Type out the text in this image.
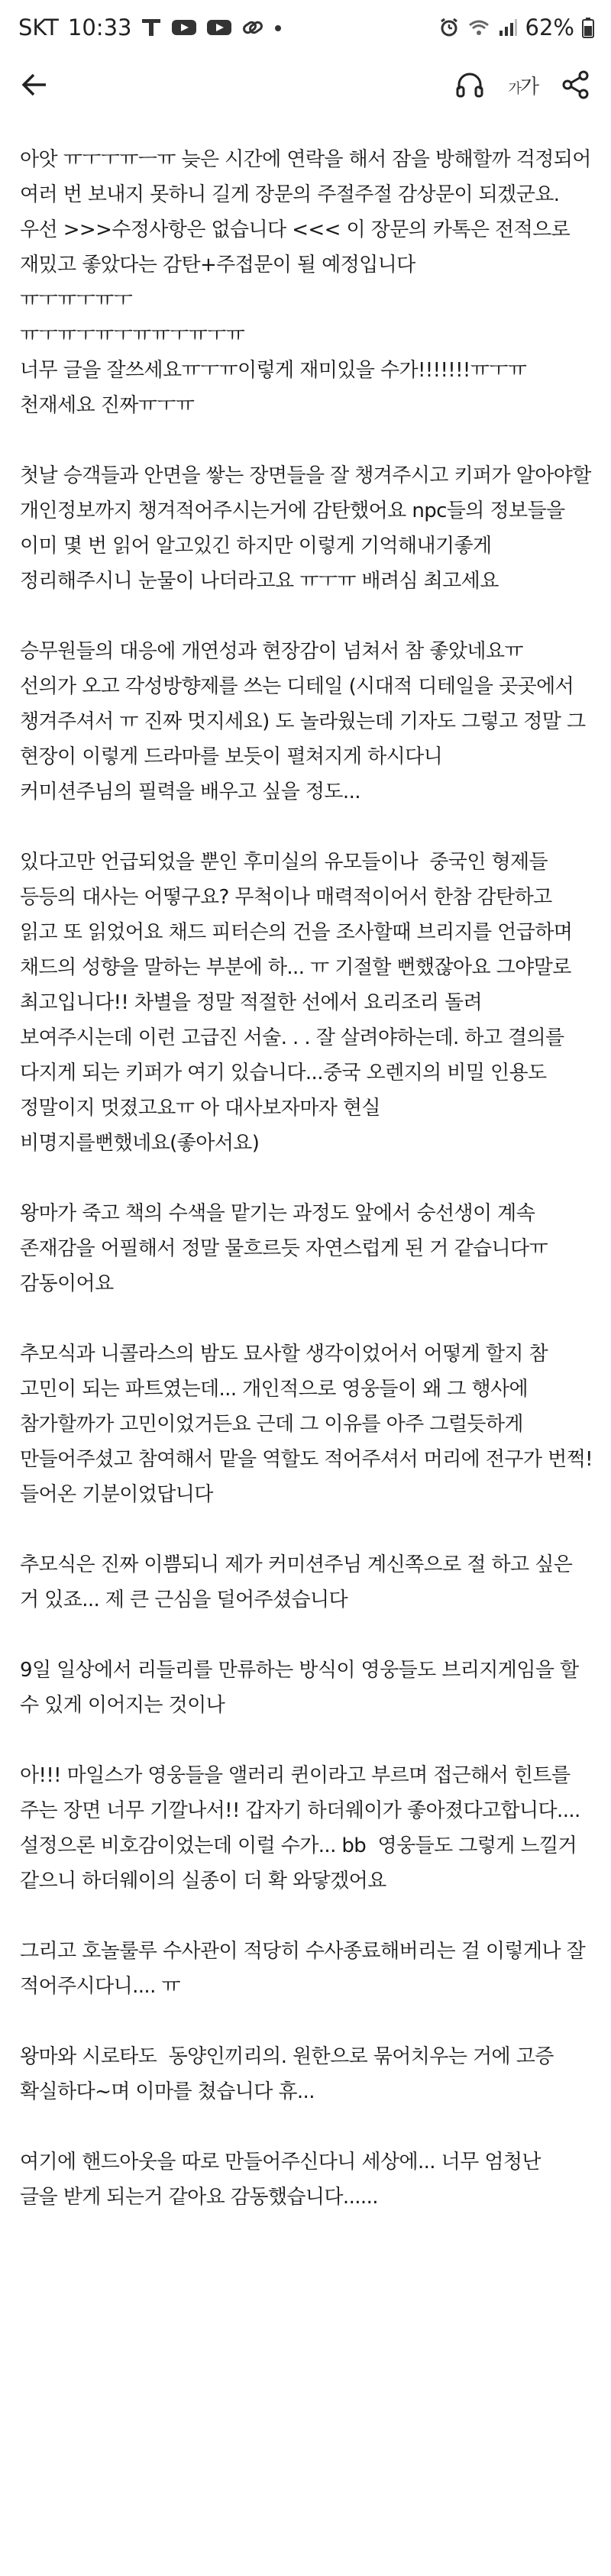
SKT 10:33	62%
가가

아앗 ㅠㅜㅜㅠㅡㅠ 늦은 시간에 연락을 해서 잠을 방해할까 걱정되어 여러 번 보내지 못하니 길게 장문의 주절주절 감상문이 되겠군요. 우선 >>>수정사항은 없습니다 <<< 이 장문의 카톡은 전적으로 재밌고 좋았다는 감탄+주접문이 될 예정입니다
ㅠㅜㅠㅜㅠㅜ
ㅠㅜㅠㅜㅠㅜㅠㅠㅜㅠㅜㅠ
너무 글을 잘쓰세요ㅠㅜㅠ이렇게 재미있을 수가!!!!!!!ㅠㅜㅠ
천재세요 진짜ㅠㅜㅠ

첫날 승객들과 안면을 쌓는 장면들을 잘 챙겨주시고 키퍼가 알아야할 개인정보까지 챙겨적어주시는거에 감탄했어요 npc들의 정보들을 이미 몇 번 읽어 알고있긴 하지만 이렇게 기억해내기좋게 정리해주시니 눈물이 나더라고요 ㅠㅜㅠ 배려심 최고세요

승무원들의 대응에 개연성과 현장감이 넘쳐서 참 좋았네요ㅠ
선의가 오고 각성방향제를 쓰는 디테일 (시대적 디테일을 곳곳에서 챙겨주셔서 ㅠ 진짜 멋지세요) 도 놀라웠는데 기자도 그렇고 정말 그 현장이 이렇게 드라마를 보듯이 펼쳐지게 하시다니
커미션주님의 필력을 배우고 싶을 정도...

있다고만 언급되었을 뿐인 후미실의 유모들이나  중국인 형제들 등등의 대사는 어떻구요? 무척이나 매력적이어서 한참 감탄하고 읽고 또 읽었어요 채드 피터슨의 건을 조사할때 브리지를 언급하며 채드의 성향을 말하는 부분에 하... ㅠ 기절할 뻔했잖아요 그야말로 최고입니다!! 차별을 정말 적절한 선에서 요리조리 돌려
보여주시는데 이런 고급진 서술. . . 잘 살려야하는데. 하고 결의를 다지게 되는 키퍼가 여기 있습니다...중국 오렌지의 비밀 인용도 정말이지 멋졌고요ㅠ 아 대사보자마자 현실
비명지를뻔했네요(좋아서요)

왕마가 죽고 책의 수색을 맡기는 과정도 앞에서 숭선생이 계속 존재감을 어필해서 정말 물흐르듯 자연스럽게 된 거 같습니다ㅠ
감동이어요

추모식과 니콜라스의 밤도 묘사할 생각이었어서 어떻게 할지 참 고민이 되는 파트였는데... 개인적으로 영웅들이 왜 그 행사에
참가할까가 고민이었거든요 근데 그 이유를 아주 그럴듯하게
만들어주셨고 참여해서 맡을 역할도 적어주셔서 머리에 전구가 번쩍! 들어온 기분이었답니다

추모식은 진짜 이쁨되니 제가 커미션주님 계신쪽으로 절 하고 싶은 거 있죠... 제 큰 근심을 덜어주셨습니다

9일 일상에서 리들리를 만류하는 방식이 영웅들도 브리지게임을 할 수 있게 이어지는 것이나

아!!! 마일스가 영웅들을 앨러리 퀸이라고 부르며 접근해서 힌트를 주는 장면 너무 기깔나서!! 갑자기 하더웨이가 좋아졌다고합니다....
설정으론 비호감이었는데 이럴 수가... bb  영웅들도 그렇게 느낄거 같으니 하더웨이의 실종이 더 확 와닿겠어요

그리고 호놀룰루 수사관이 적당히 수사종료해버리는 걸 이렇게나 잘 적어주시다니.... ㅠ

왕마와 시로타도  동양인끼리의. 원한으로 묶어치우는 거에 고증 확실하다~며 이마를 쳤습니다 휴...

여기에 핸드아웃을 따로 만들어주신다니 세상에... 너무 엄청난
글을 받게 되는거 같아요 감동했습니다......
